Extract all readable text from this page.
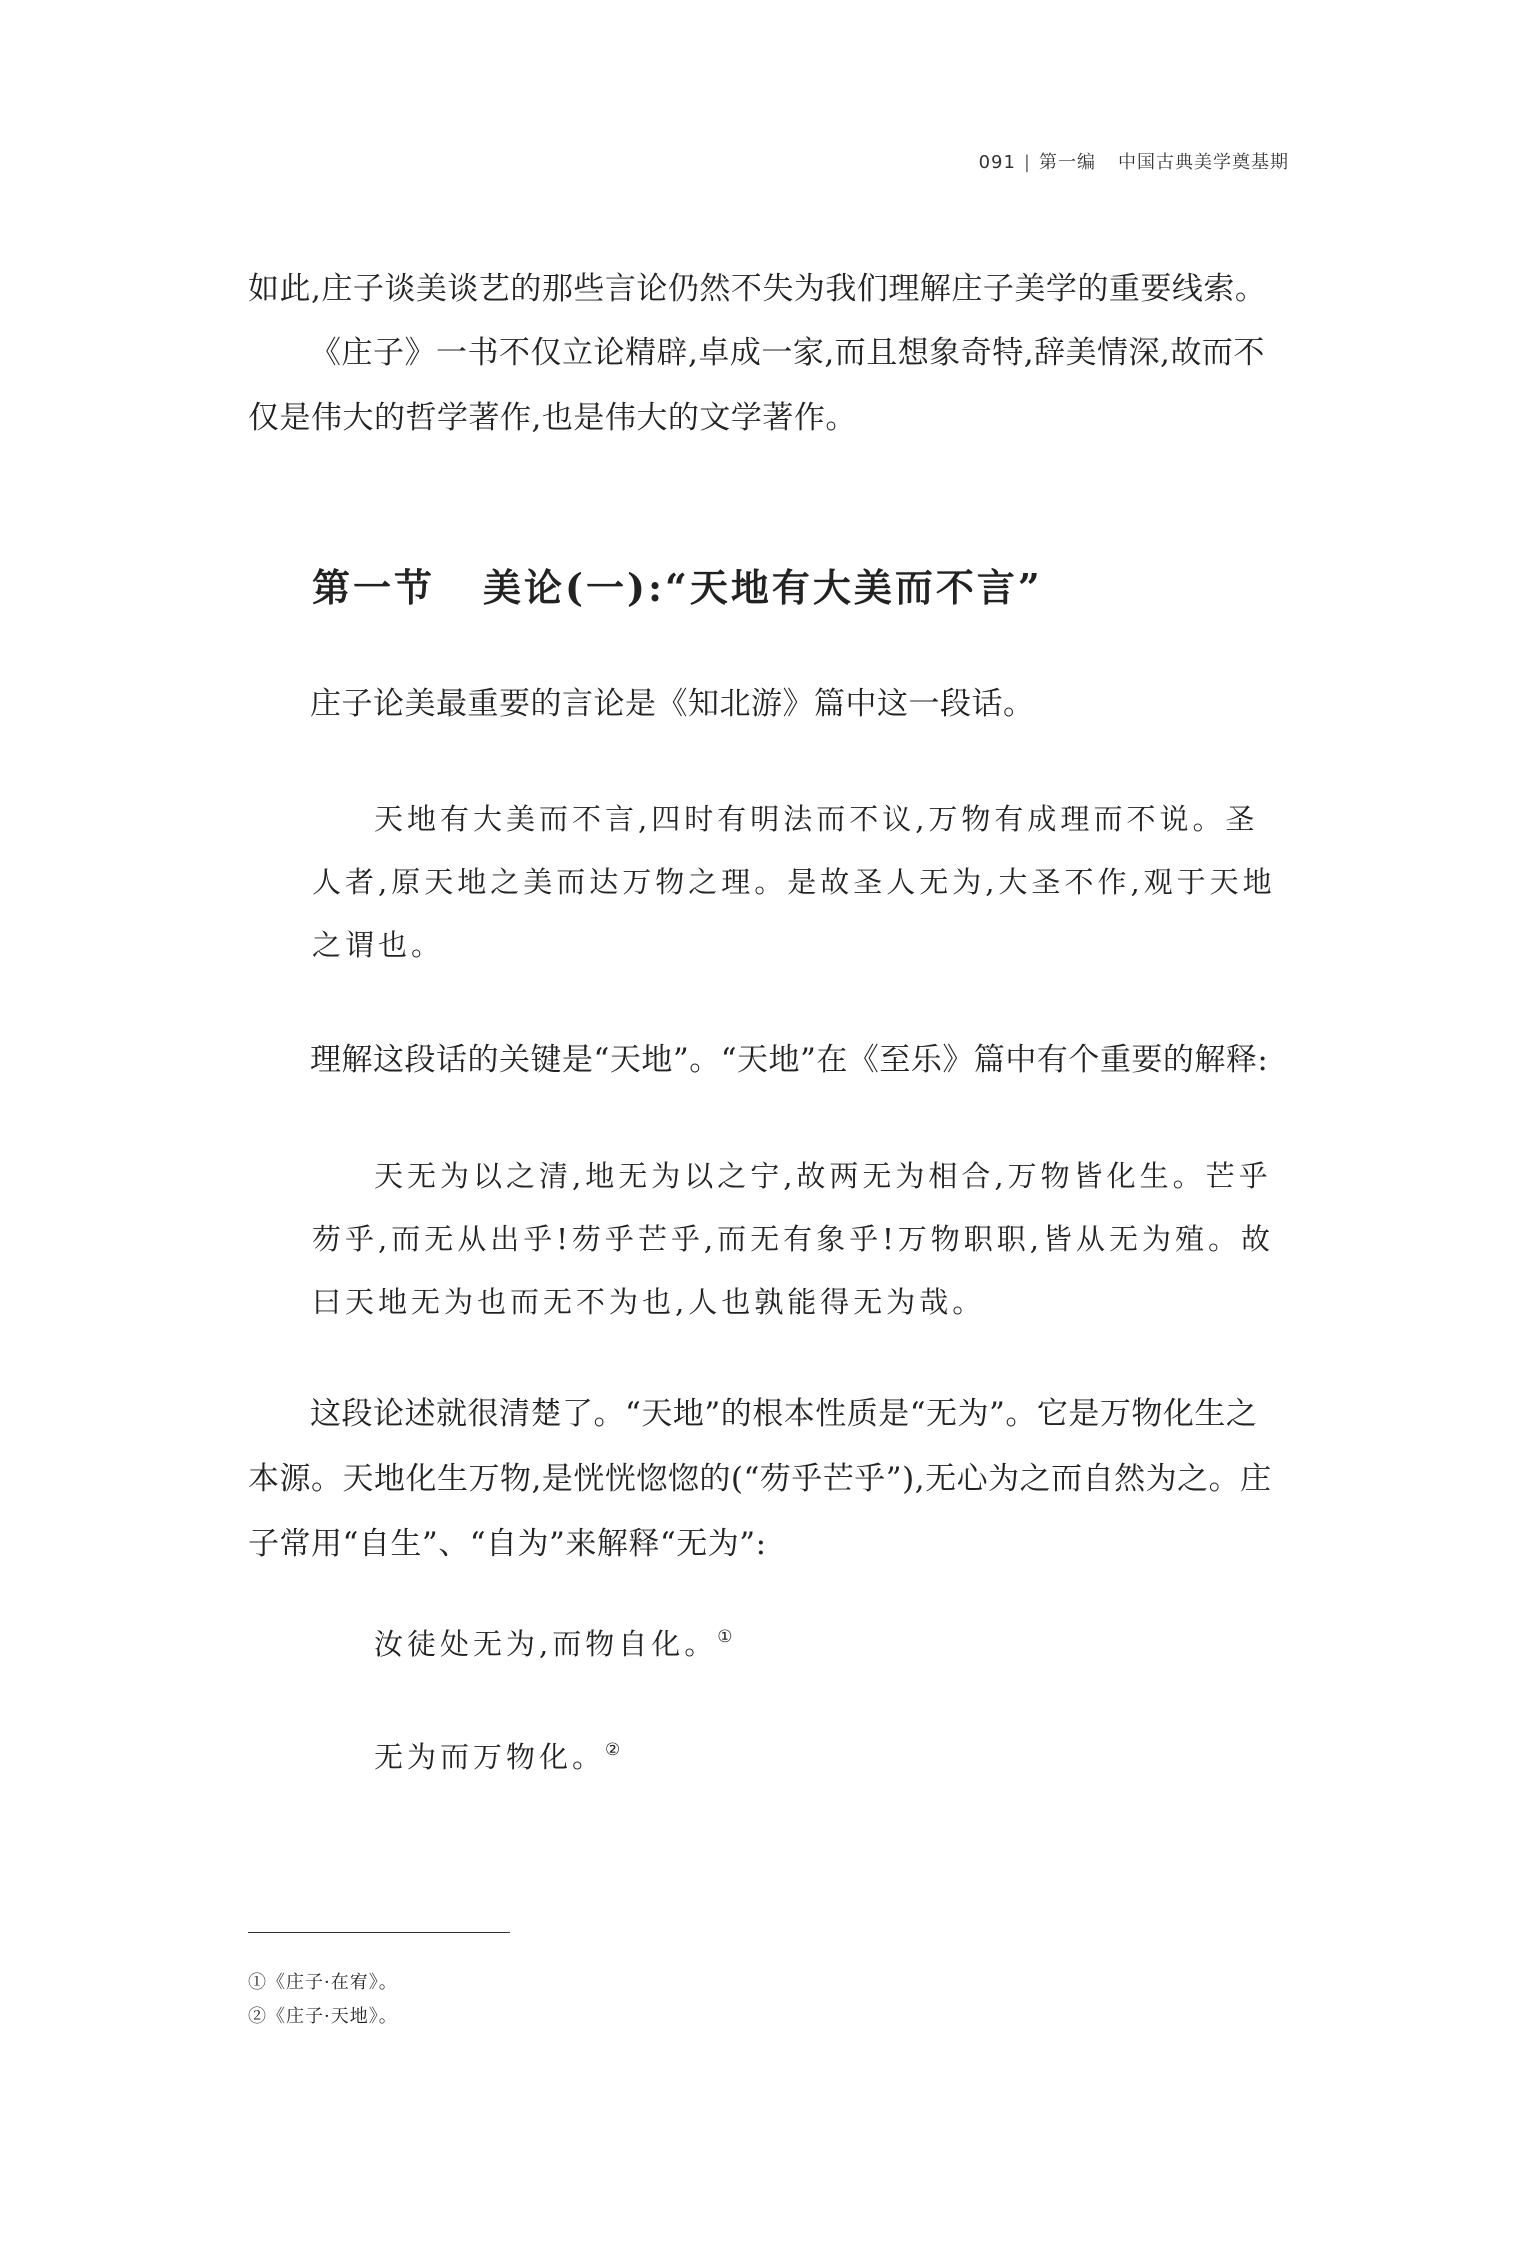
091 | 第一编 中国古典美学奠基期

如此,庄子谈美谈艺的那些言论仍然不失为我们理解庄子美学的重要线索。

《庄子》一书不仅立论精辟,卓成一家,而且想象奇特,辞美情深,故而不仅是伟大的哲学著作,也是伟大的文学著作。

第一节 美论(一):“天地有大美而不言”

庄子论美最重要的言论是《知北游》篇中这一段话。

天地有大美而不言,四时有明法而不议,万物有成理而不说。圣人者,原天地之美而达万物之理。是故圣人无为,大圣不作,观于天地之谓也。

理解这段话的关键是“天地”。“天地”在《至乐》篇中有个重要的解释:

天无为以之清,地无为以之宁,故两无为相合,万物皆化生。芒乎芴乎,而无从出乎!芴乎芒乎,而无有象乎!万物职职,皆从无为殖。故曰天地无为也而无不为也,人也孰能得无为哉。

这段论述就很清楚了。“天地”的根本性质是“无为”。它是万物化生之本源。天地化生万物,是恍恍惚惚的(“芴乎芒乎”),无心为之而自然为之。庄子常用“自生”、“自为”来解释“无为”:

汝徒处无为,而物自化。①

无为而万物化。②

①《庄子·在宥》。

②《庄子·天地》。
